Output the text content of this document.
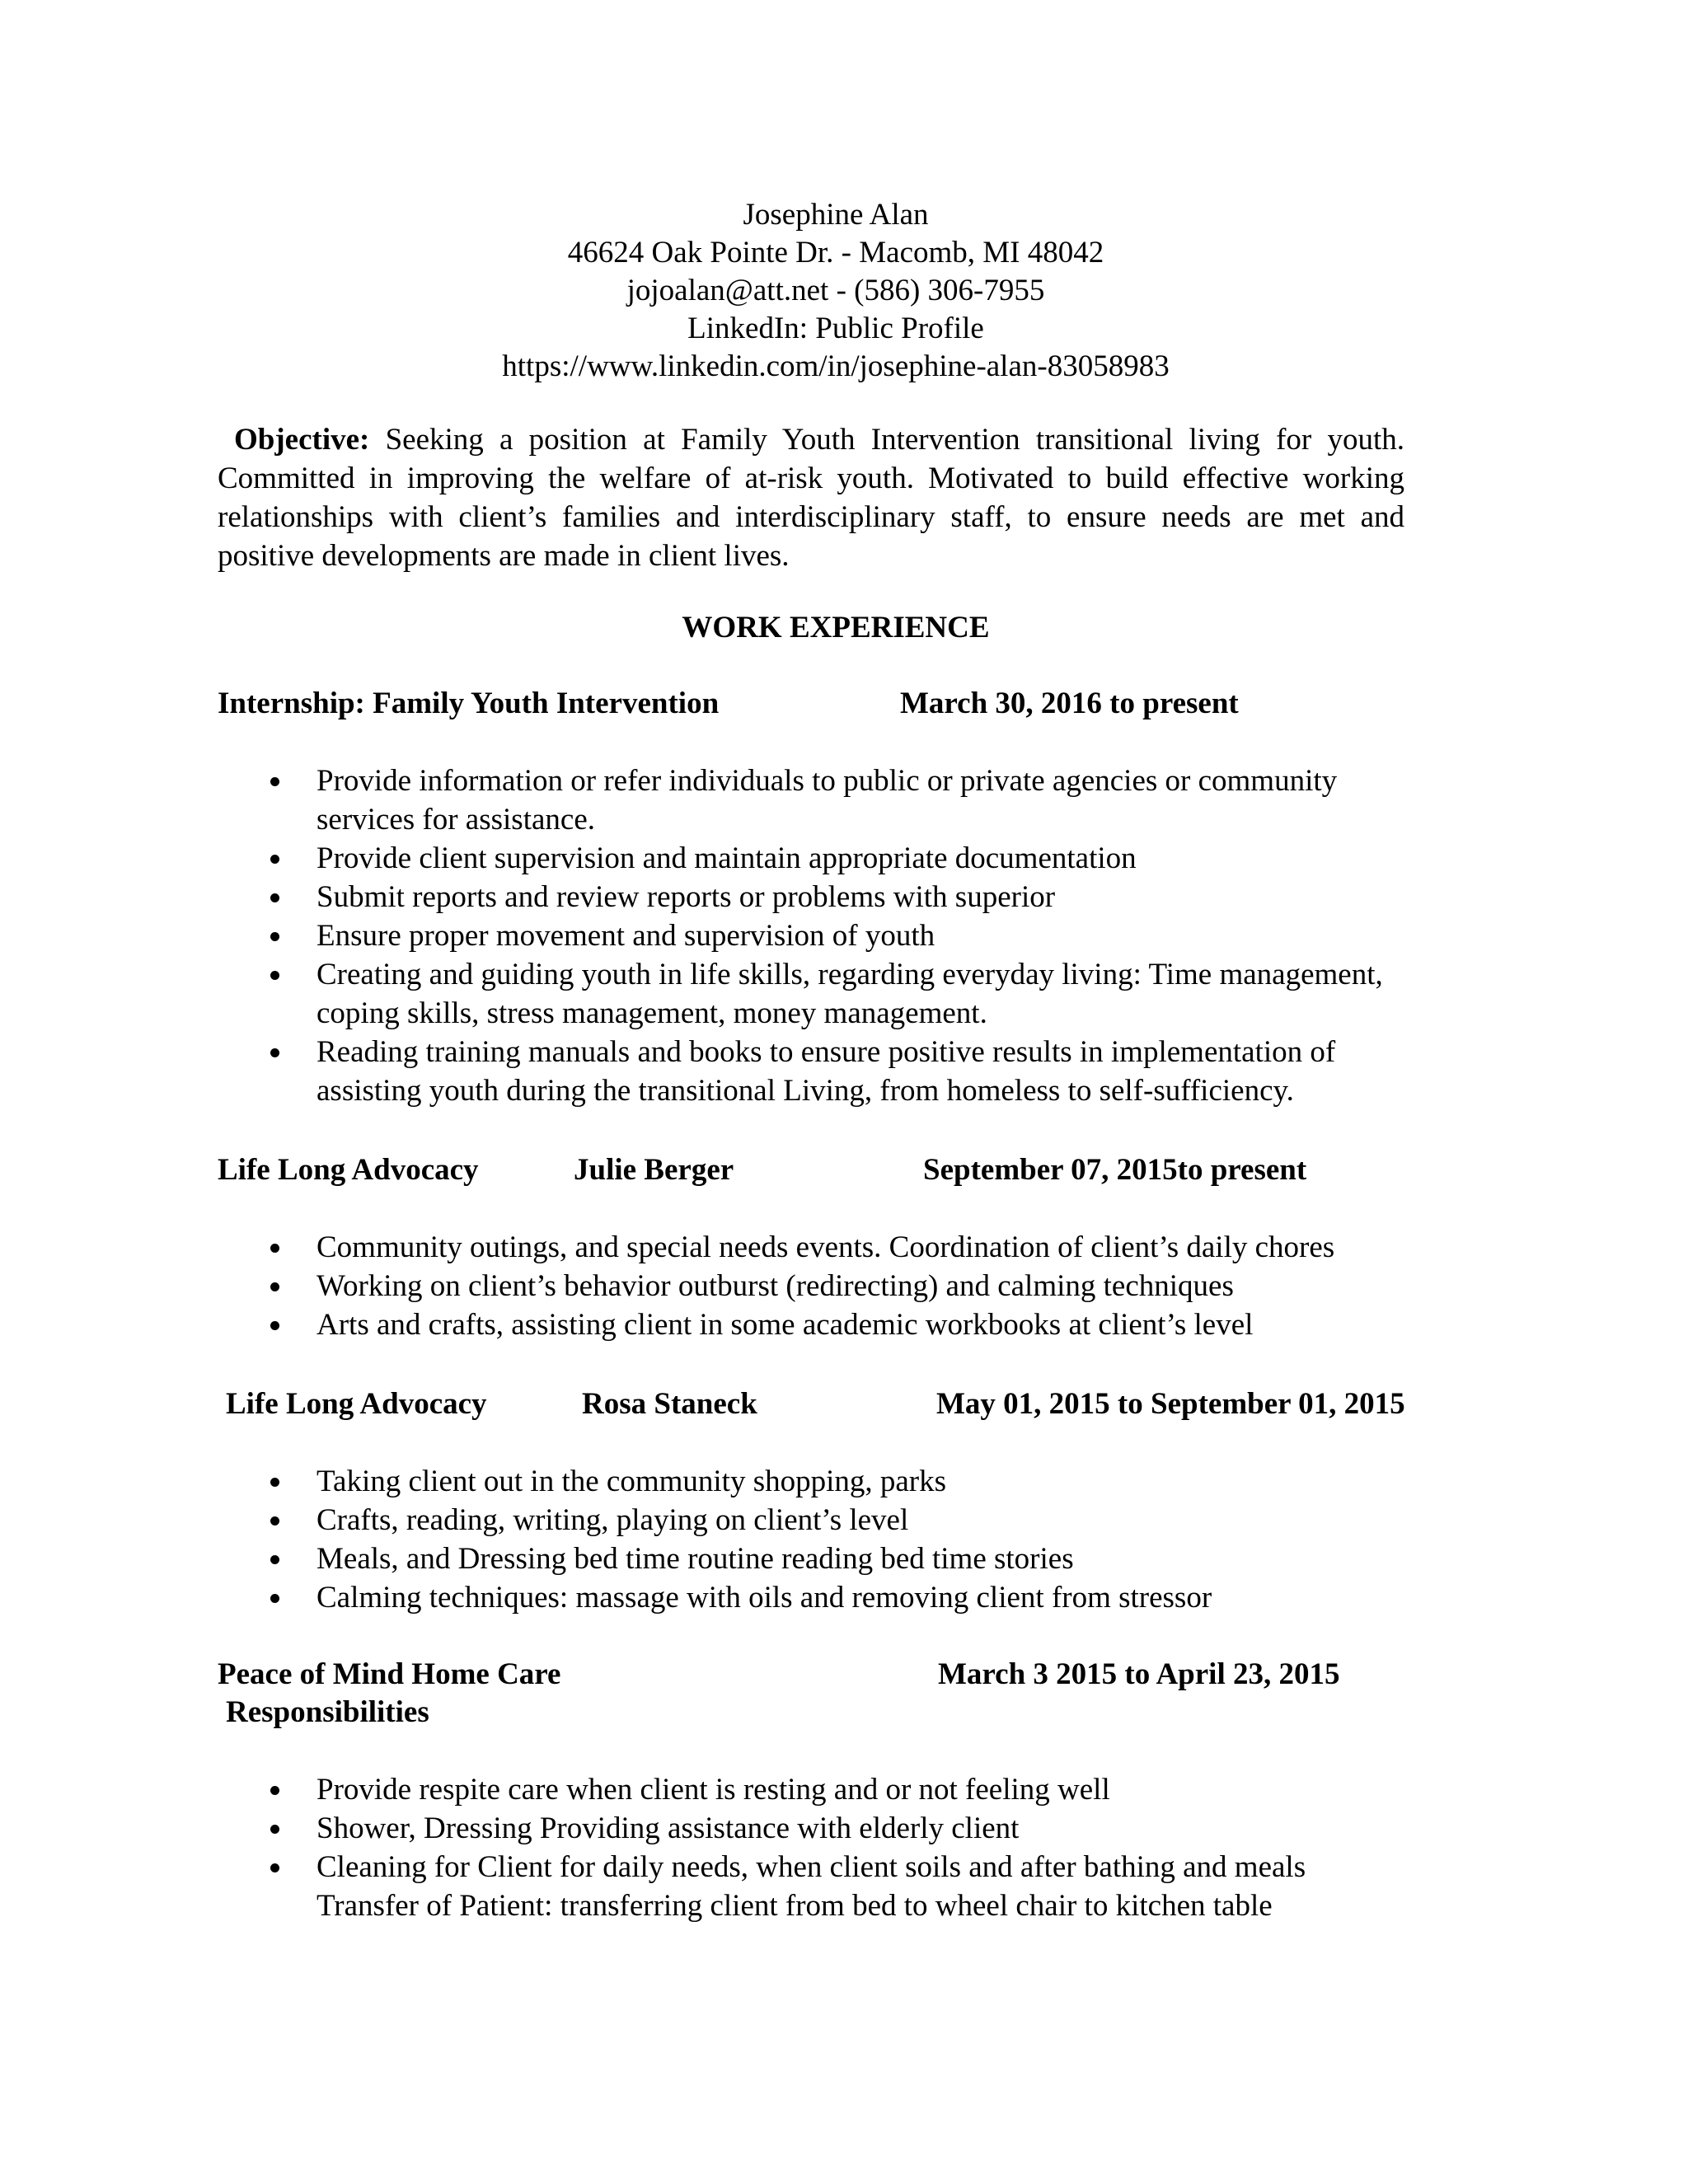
Josephine Alan
46624 Oak Pointe Dr. - Macomb, MI 48042
jojoalan@att.net - (586) 306-7955
LinkedIn: Public Profile
https://www.linkedin.com/in/josephine-alan-83058983
Objective: Seeking a position at Family Youth Intervention transitional living for youth. Committed in improving the welfare of at-risk youth. Motivated to build effective working relationships with client’s families and interdisciplinary staff, to ensure needs are met and positive developments are made in client lives.
WORK EXPERIENCE
Internship: Family Youth Intervention	March 30, 2016 to present
Provide information or refer individuals to public or private agencies or community services for assistance.
Provide client supervision and maintain appropriate documentation
Submit reports and review reports or problems with superior
Ensure proper movement and supervision of youth
Creating and guiding youth in life skills, regarding everyday living: Time management, coping skills, stress management, money management.
Reading training manuals and books to ensure positive results in implementation of assisting youth during the transitional Living, from homeless to self-sufficiency.
Life Long Advocacy	Julie Berger	September 07, 2015to present
Community outings, and special needs events. Coordination of client’s daily chores
Working on client’s behavior outburst (redirecting) and calming techniques
Arts and crafts, assisting client in some academic workbooks at client’s level
Life Long Advocacy	Rosa Staneck	May 01, 2015 to September 01, 2015
Taking client out in the community shopping, parks
Crafts, reading, writing, playing on client’s level
Meals, and Dressing bed time routine reading bed time stories
Calming techniques: massage with oils and removing client from stressor
Peace of Mind Home Care	March 3 2015 to April 23, 2015
Responsibilities
Provide respite care when client is resting and or not feeling well
Shower, Dressing Providing assistance with elderly client
Cleaning for Client for daily needs, when client soils and after bathing and meals
Transfer of Patient: transferring client from bed to wheel chair to kitchen table
